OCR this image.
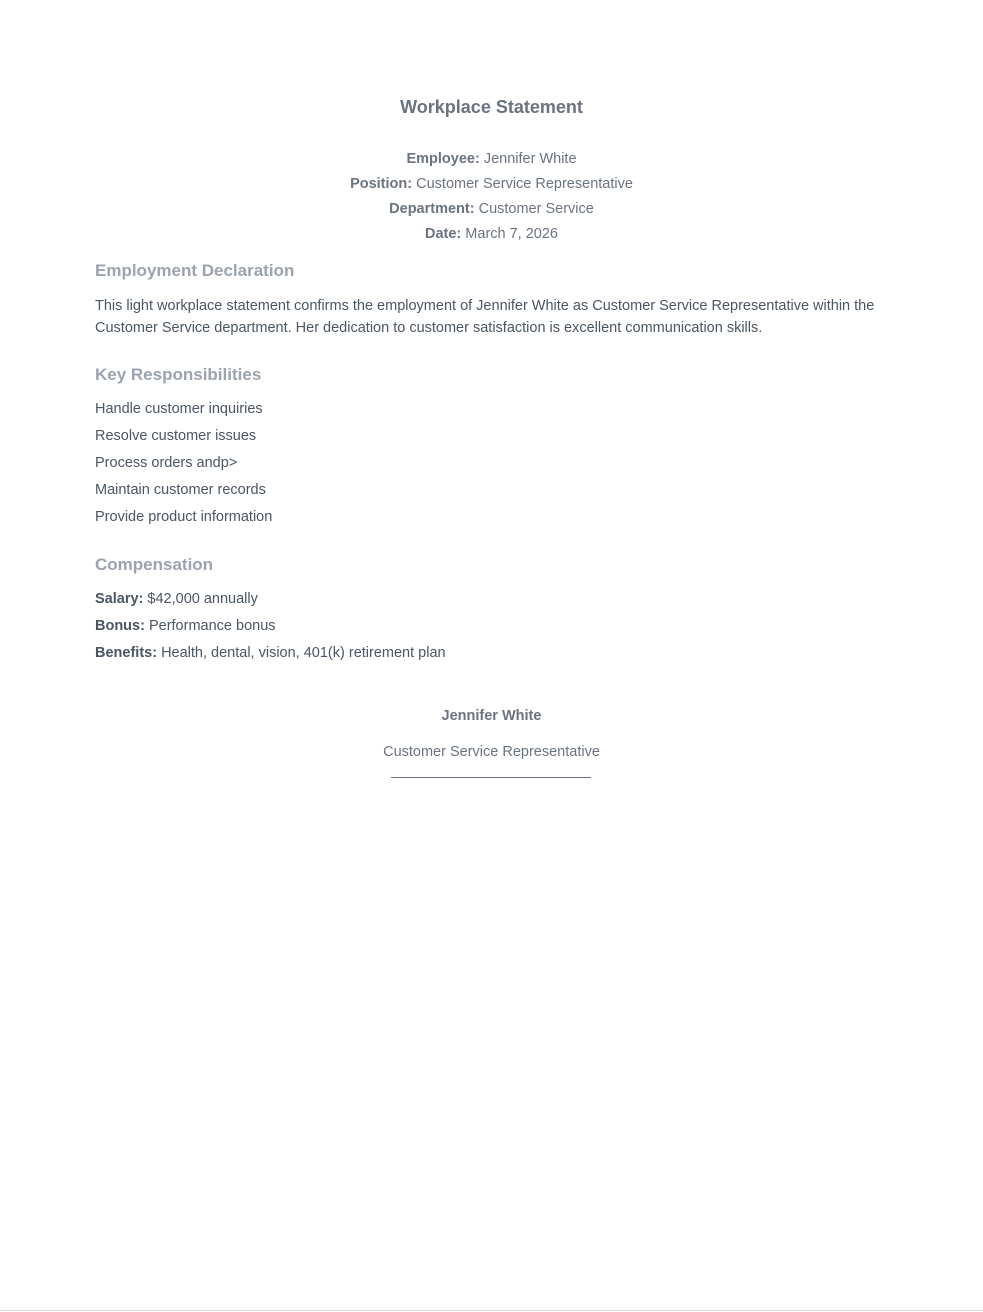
Workplace Statement
Employee: Jennifer White
Position: Customer Service Representative
Department: Customer Service
Date: March 7, 2026
Employment Declaration
This light workplace statement confirms the employment of Jennifer White as Customer Service Representative within the Customer Service department. Her dedication to customer satisfaction is excellent communication skills.
Key Responsibilities
Handle customer inquiries
Resolve customer issues
Process orders andp>
Maintain customer records
Provide product information
Compensation
Salary: $42,000 annually
Bonus: Performance bonus
Benefits: Health, dental, vision, 401(k) retirement plan
Jennifer White
Customer Service Representative
